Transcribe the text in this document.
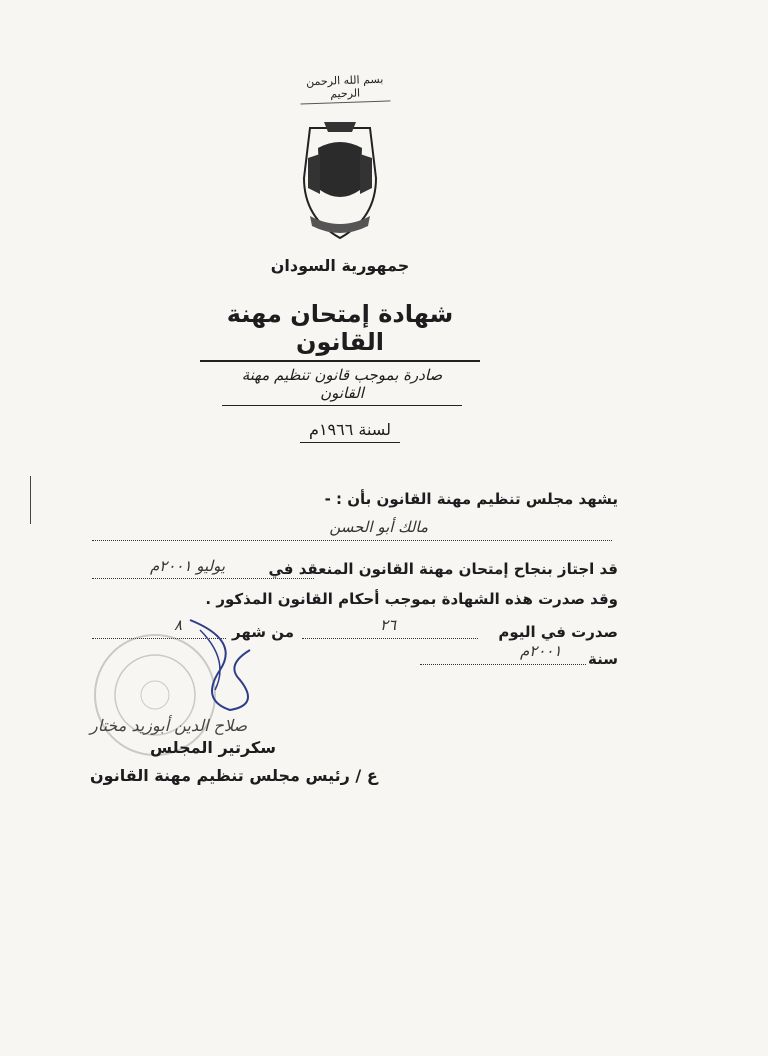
بسم الله الرحمن الرحيم
جمهورية السودان
شهادة إمتحان مهنة القانون
صادرة بموجب قانون تنظيم مهنة القانون
لسنة ١٩٦٦م
يشهد مجلس تنظيم مهنة القانون بأن : -
مالك أبو الحسن
قد اجتاز بنجاح إمتحان مهنة القانون المنعقد في
يوليو ٢٠٠١م
وقد صدرت هذه الشهادة بموجب أحكام القانون المذكور .
صدرت في اليوم
٢٦
من شهر
٨
سنة
٢٠٠١م
صلاح الدين أبوزيد مختار
سكرتير المجلس
ع / رئيس مجلس تنظيم مهنة القانون
